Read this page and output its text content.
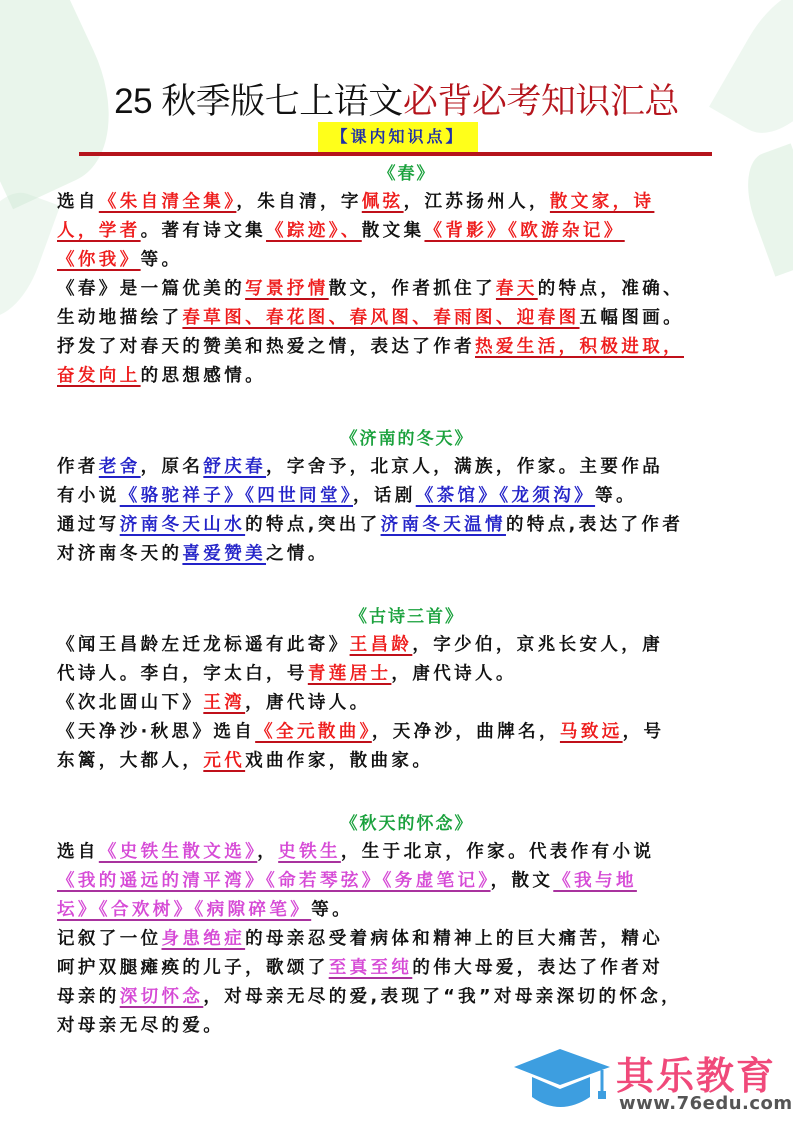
25 秋季版七上语文必背必考知识汇总
【课内知识点】
《春》
选自《朱自清全集》，朱自清，字佩弦，江苏扬州人，散文家，诗
人，学者。著有诗文集《踪迹》、散文集《背影》《欧游杂记》
《你我》等。
《春》是一篇优美的写景抒情散文，作者抓住了春天的特点，准确、
生动地描绘了春草图、春花图、春风图、春雨图、迎春图五幅图画。
抒发了对春天的赞美和热爱之情，表达了作者热爱生活，积极进取，
奋发向上的思想感情。
《济南的冬天》
作者老舍，原名舒庆春，字舍予，北京人，满族，作家。主要作品
有小说《骆驼祥子》《四世同堂》，话剧《茶馆》《龙须沟》等。
通过写济南冬天山水的特点,突出了济南冬天温情的特点,表达了作者
对济南冬天的喜爱赞美之情。
《古诗三首》
《闻王昌龄左迁龙标遥有此寄》王昌龄，字少伯，京兆长安人，唐
代诗人。李白，字太白，号青莲居士，唐代诗人。
《次北固山下》王湾，唐代诗人。
《天净沙·秋思》选自《全元散曲》，天净沙，曲牌名，马致远，号
东篱，大都人，元代戏曲作家，散曲家。
《秋天的怀念》
选自《史铁生散文选》，史铁生，生于北京，作家。代表作有小说
《我的遥远的清平湾》《命若琴弦》《务虚笔记》，散文《我与地
坛》《合欢树》《病隙碎笔》等。
记叙了一位身患绝症的母亲忍受着病体和精神上的巨大痛苦，精心
呵护双腿瘫痪的儿子，歌颂了至真至纯的伟大母爱，表达了作者对
母亲的深切怀念，对母亲无尽的爱,表现了“我”对母亲深切的怀念，
对母亲无尽的爱。
其乐教育
www.76edu.com
